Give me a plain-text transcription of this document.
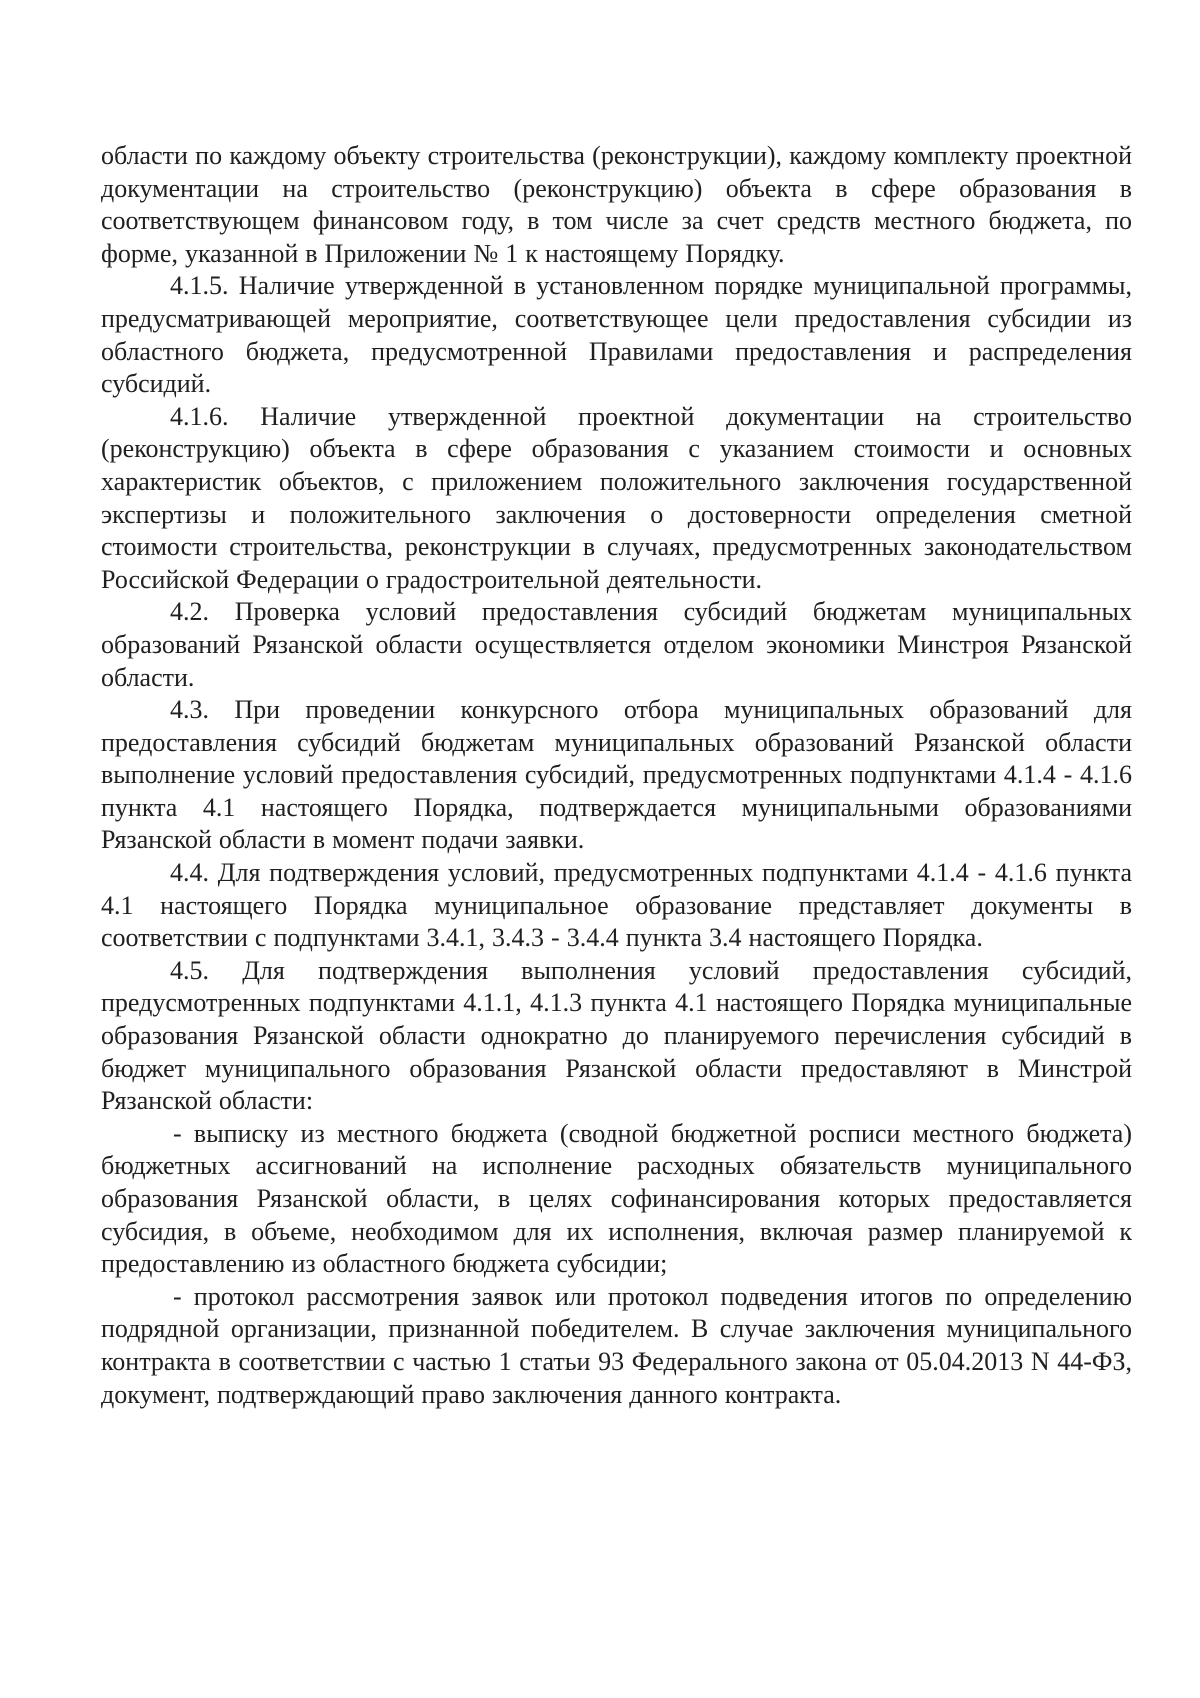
области по каждому объекту строительства (реконструкции), каждому комплекту проектной документации на строительство (реконструкцию) объекта в сфере образования в соответствующем финансовом году, в том числе за счет средств местного бюджета, по форме, указанной в Приложении № 1 к настоящему Порядку.

4.1.5. Наличие утвержденной в установленном порядке муниципальной программы, предусматривающей мероприятие, соответствующее цели предоставления субсидии из областного бюджета, предусмотренной Правилами предоставления и распределения субсидий.

4.1.6. Наличие утвержденной проектной документации на строительство (реконструкцию) объекта в сфере образования с указанием стоимости и основных характеристик объектов, с приложением положительного заключения государственной экспертизы и положительного заключения о достоверности определения сметной стоимости строительства, реконструкции в случаях, предусмотренных законодательством Российской Федерации о градостроительной деятельности.

4.2. Проверка условий предоставления субсидий бюджетам муниципальных образований Рязанской области осуществляется отделом экономики Минстроя Рязанской области.

4.3. При проведении конкурсного отбора муниципальных образований для предоставления субсидий бюджетам муниципальных образований Рязанской области выполнение условий предоставления субсидий, предусмотренных подпунктами 4.1.4 - 4.1.6 пункта 4.1 настоящего Порядка, подтверждается муниципальными образованиями Рязанской области в момент подачи заявки.

4.4. Для подтверждения условий, предусмотренных подпунктами 4.1.4 - 4.1.6 пункта 4.1 настоящего Порядка муниципальное образование представляет документы в соответствии с подпунктами 3.4.1, 3.4.3 - 3.4.4 пункта 3.4 настоящего Порядка.

4.5. Для подтверждения выполнения условий предоставления субсидий, предусмотренных подпунктами 4.1.1, 4.1.3 пункта 4.1 настоящего Порядка муниципальные образования Рязанской области однократно до планируемого перечисления субсидий в бюджет муниципального образования Рязанской области предоставляют в Минстрой Рязанской области:

- выписку из местного бюджета (сводной бюджетной росписи местного бюджета) бюджетных ассигнований на исполнение расходных обязательств муниципального образования Рязанской области, в целях софинансирования которых предоставляется субсидия, в объеме, необходимом для их исполнения, включая размер планируемой к предоставлению из областного бюджета субсидии;

- протокол рассмотрения заявок или протокол подведения итогов по определению подрядной организации, признанной победителем. В случае заключения муниципального контракта в соответствии с частью 1 статьи 93 Федерального закона от 05.04.2013 N 44-ФЗ, документ, подтверждающий право заключения данного контракта.
